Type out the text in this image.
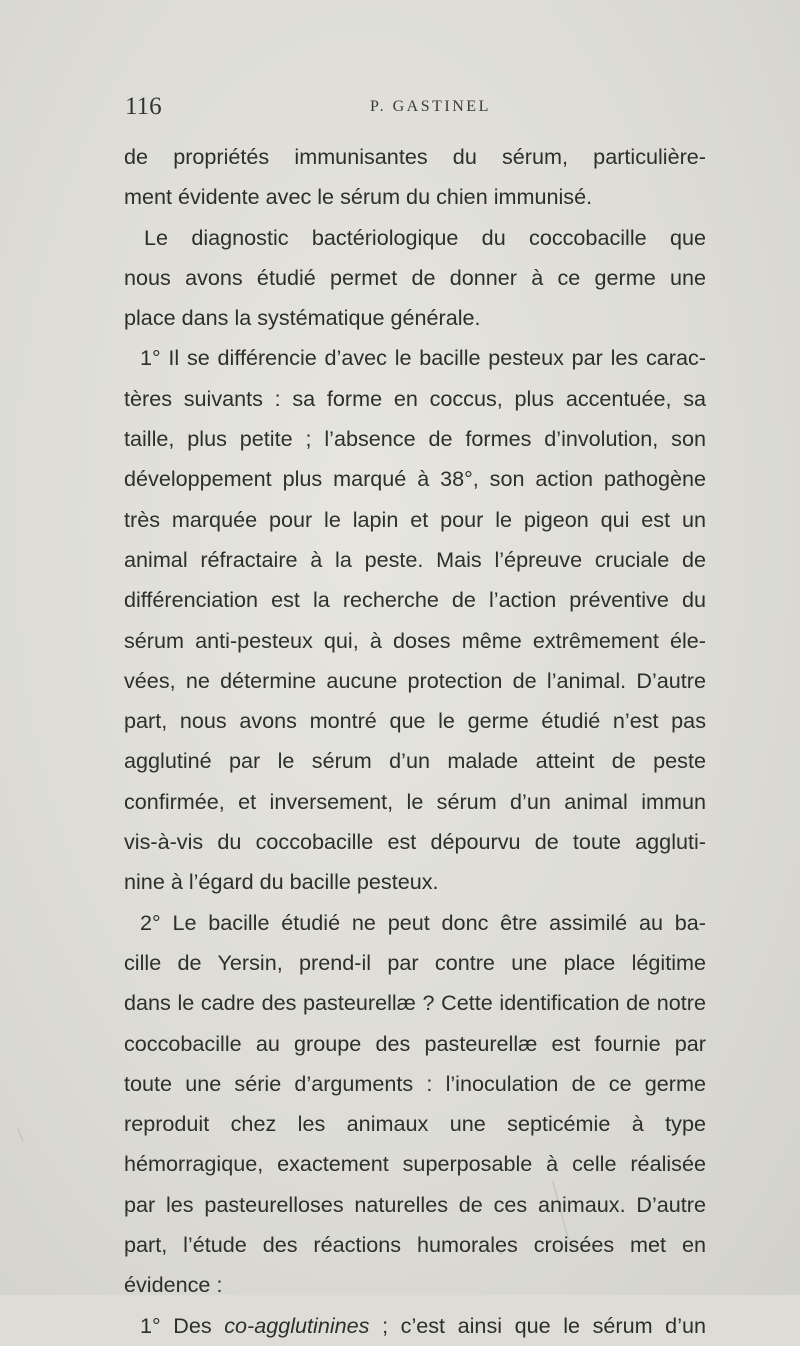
116	P. GASTINEL
de propriétés immunisantes du sérum, particulière-
ment évidente avec le sérum du chien immunisé.
Le diagnostic bactériologique du coccobacille que
nous avons étudié permet de donner à ce germe une
place dans la systématique générale.
1° Il se différencie d’avec le bacille pesteux par les carac-
tères suivants : sa forme en coccus, plus accentuée, sa
taille, plus petite ; l’absence de formes d’involution, son
développement plus marqué à 38°, son action pathogène
très marquée pour le lapin et pour le pigeon qui est un
animal réfractaire à la peste. Mais l’épreuve cruciale de
différenciation est la recherche de l’action préventive du
sérum anti-pesteux qui, à doses même extrêmement éle-
vées, ne détermine aucune protection de l’animal. D’autre
part, nous avons montré que le germe étudié n’est pas
agglutiné par le sérum d’un malade atteint de peste
confirmée, et inversement, le sérum d’un animal immun
vis-à-vis du coccobacille est dépourvu de toute aggluti-
nine à l’égard du bacille pesteux.
2° Le bacille étudié ne peut donc être assimilé au ba-
cille de Yersin, prend-il par contre une place légitime
dans le cadre des pasteurellæ ? Cette identification de notre
coccobacille au groupe des pasteurellæ est fournie par
toute une série d’arguments : l’inoculation de ce germe
reproduit chez les animaux une septicémie à type
hémorragique, exactement superposable à celle réalisée
par les pasteurelloses naturelles de ces animaux. D’autre
part, l’étude des réactions humorales croisées met en
évidence :
1° Des co-agglutinines ; c’est ainsi que le sérum d’un
